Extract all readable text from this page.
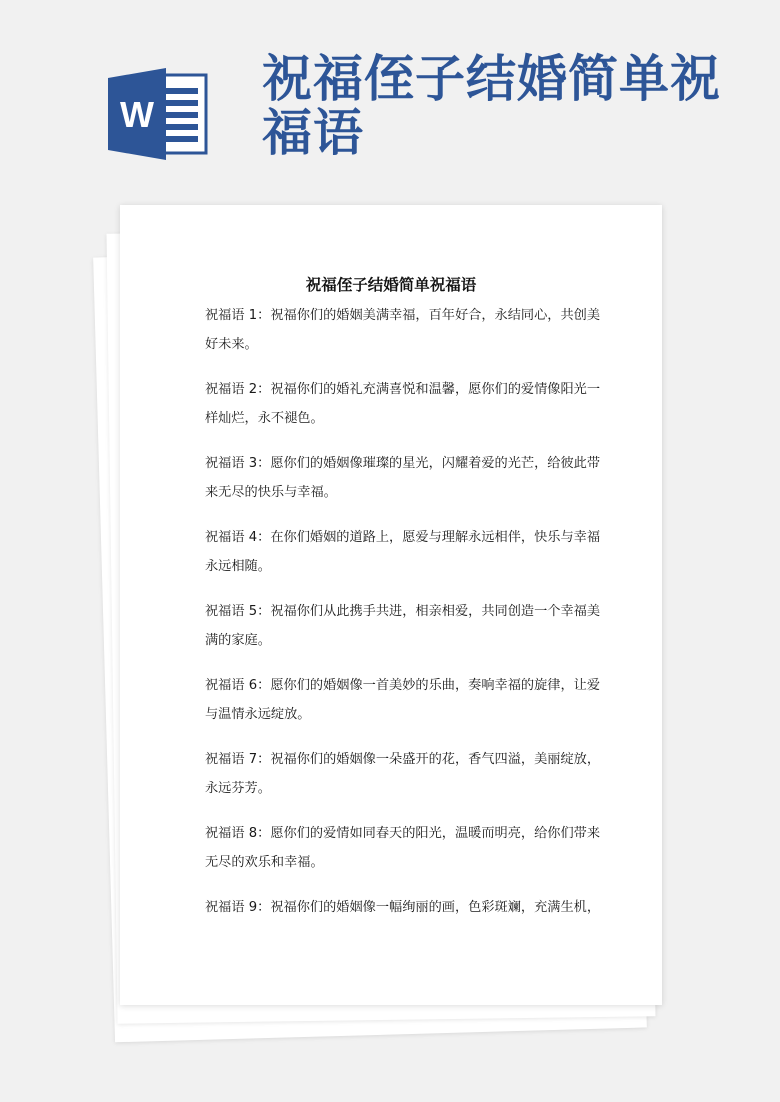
W
祝福侄子结婚简单祝福语
祝福侄子结婚简单祝福语

祝福语 1：祝福你们的婚姻美满幸福，百年好合，永结同心，共创美好未来。

祝福语 2：祝福你们的婚礼充满喜悦和温馨，愿你们的爱情像阳光一样灿烂，永不褪色。

祝福语 3：愿你们的婚姻像璀璨的星光，闪耀着爱的光芒，给彼此带来无尽的快乐与幸福。

祝福语 4：在你们婚姻的道路上，愿爱与理解永远相伴，快乐与幸福永远相随。

祝福语 5：祝福你们从此携手共进，相亲相爱，共同创造一个幸福美满的家庭。

祝福语 6：愿你们的婚姻像一首美妙的乐曲，奏响幸福的旋律，让爱与温情永远绽放。

祝福语 7：祝福你们的婚姻像一朵盛开的花，香气四溢，美丽绽放，永远芬芳。

祝福语 8：愿你们的爱情如同春天的阳光，温暖而明亮，给你们带来无尽的欢乐和幸福。

祝福语 9：祝福你们的婚姻像一幅绚丽的画，色彩斑斓，充满生机，
